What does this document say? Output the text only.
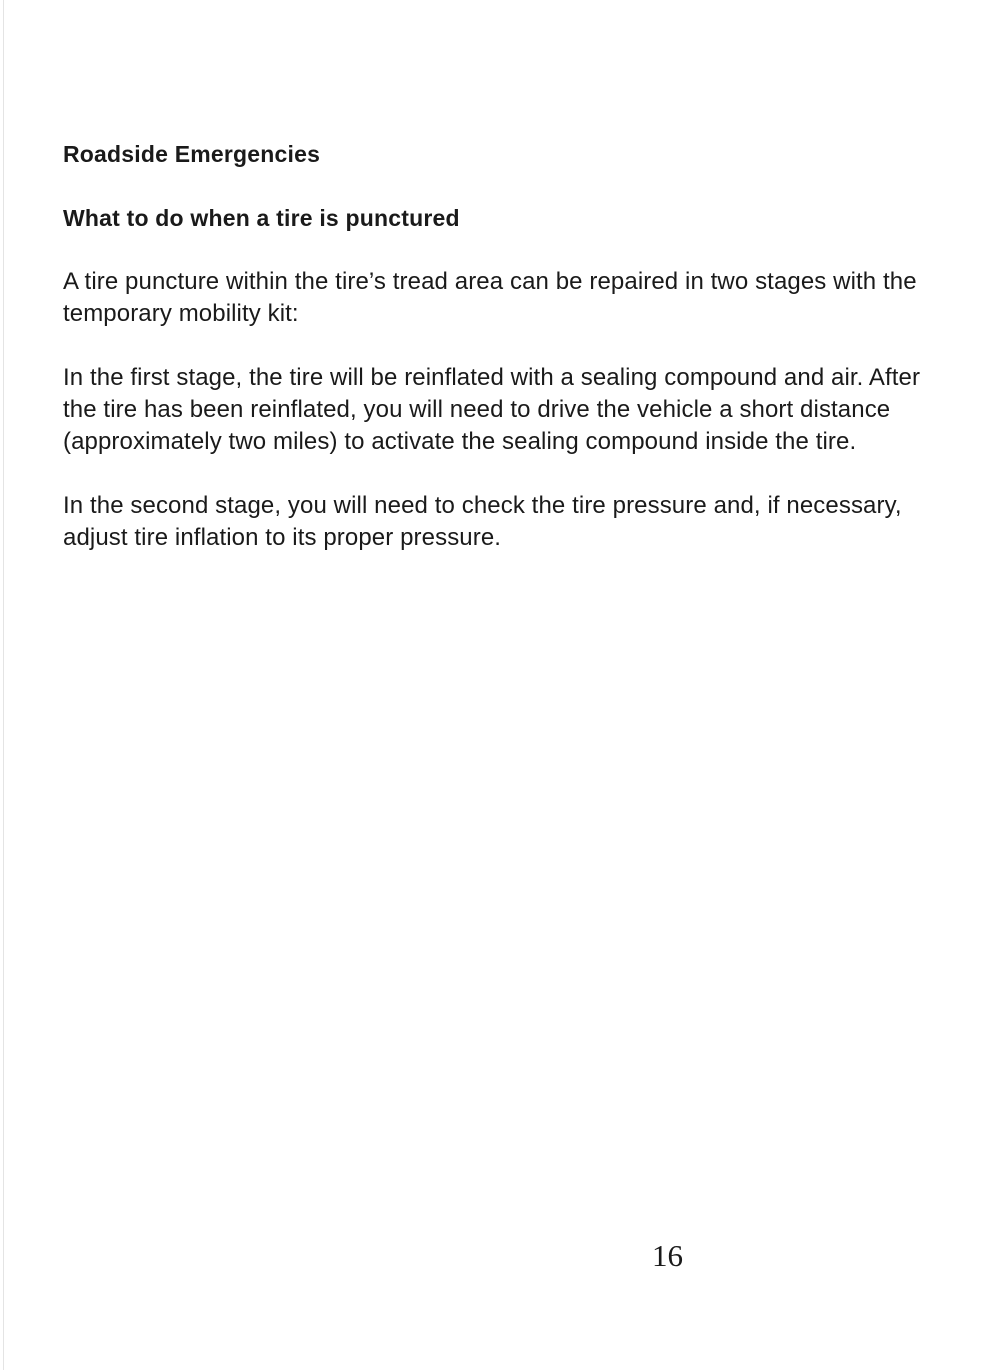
Roadside Emergencies
What to do when a tire is punctured

A tire puncture within the tire’s tread area can be repaired in two stages with the temporary mobility kit:

In the first stage, the tire will be reinflated with a sealing compound and air. After the tire has been reinflated, you will need to drive the vehicle a short distance (approximately two miles) to activate the sealing compound inside the tire.

In the second stage, you will need to check the tire pressure and, if necessary, adjust tire inflation to its proper pressure.

16
